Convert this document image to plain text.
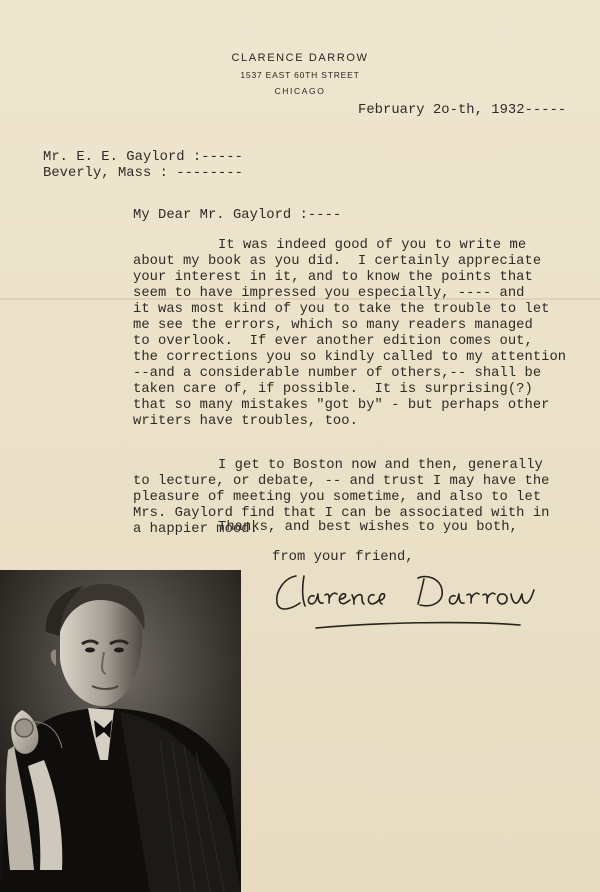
CLARENCE DARROW
1537 EAST 60TH STREET
CHICAGO
February 2o-th, 1932-----
Mr. E. E. Gaylord :-----
Beverly, Mass : --------
My Dear Mr. Gaylord :----
It was indeed good of you to write me
about my book as you did.  I certainly appreciate
your interest in it, and to know the points that
seem to have impressed you especially, ---- and
it was most kind of you to take the trouble to let
me see the errors, which so many readers managed
to overlook.  If ever another edition comes out,
the corrections you so kindly called to my attention
--and a considerable number of others,-- shall be
taken care of, if possible.  It is surprising(?)
that so many mistakes "got by" - but perhaps other
writers have troubles, too.
I get to Boston now and then, generally
to lecture, or debate, -- and trust I may have the
pleasure of meeting you sometime, and also to let
Mrs. Gaylord find that I can be associated with in
a happier mood.
Thanks, and best wishes to you both,
from your friend,
